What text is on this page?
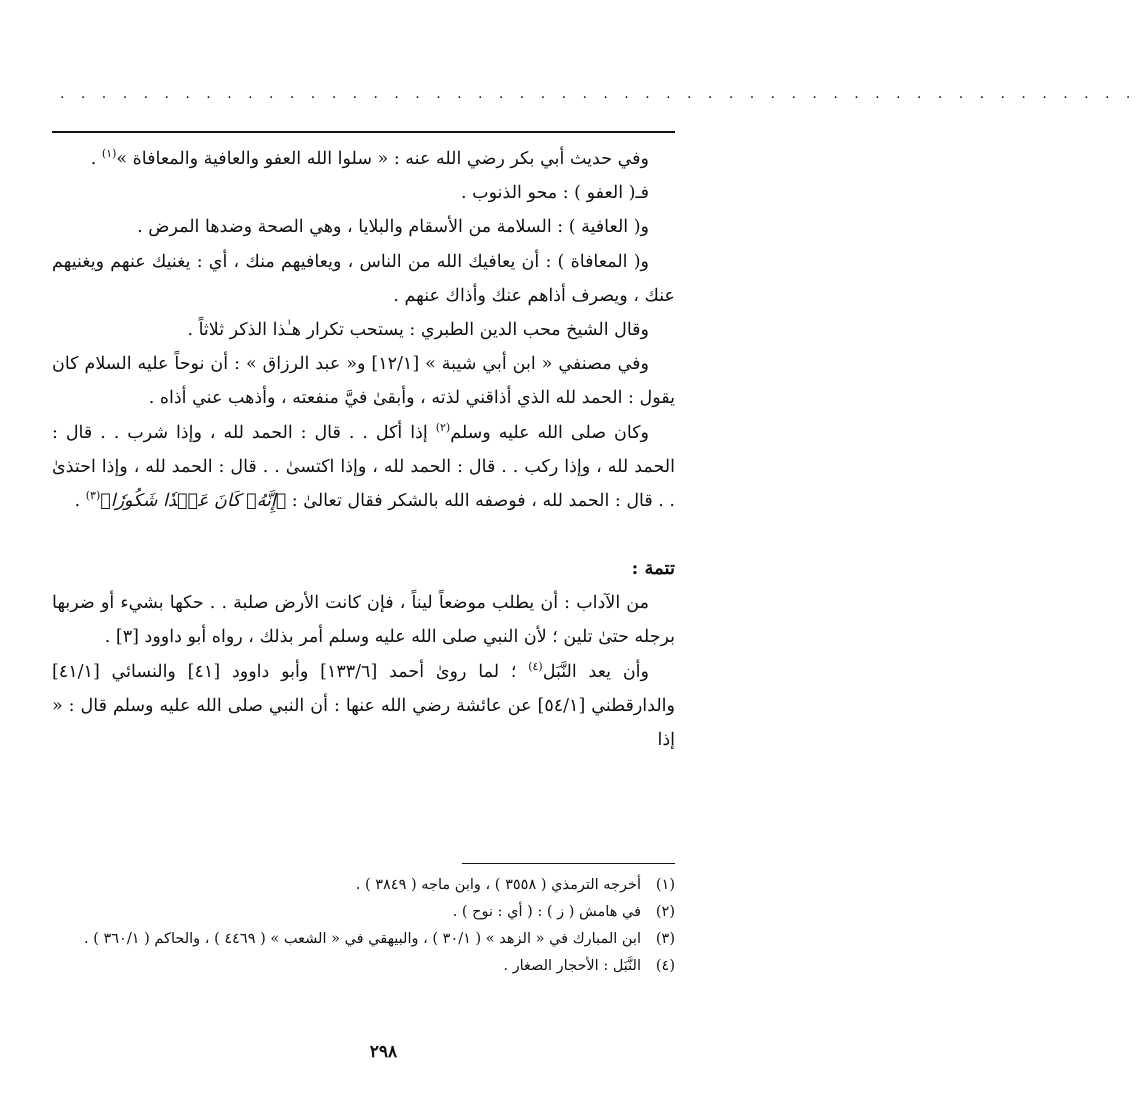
. . . . . . . . . . . . . . . . . . . . . . . . . . . . . . . . . . . . . . . . . . . . . . . . . . . .

وفي حديث أبي بكر رضي الله عنه : « سلوا الله العفو والعافية والمعافاة »$^{(١)}$ .

فـ( العفو ) : محو الذنوب .

و( العافية ) : السلامة من الأسقام والبلايا ، وهي الصحة وضدها المرض .

و( المعافاة ) : أن يعافيك الله من الناس ، ويعافيهم منك ، أي : يغنيك عنهم ويغنيهم عنك ، ويصرف أذاهم عنك وأذاك عنهم .

وقال الشيخ محب الدين الطبري : يستحب تكرار هـٰذا الذكر ثلاثاً .

وفي مصنفي « ابن أبي شيبة » [١٢/١] و« عبد الرزاق » : أن نوحاً عليه السلام كان يقول : الحمد لله الذي أذاقني لذته ، وأبقىٰ فيَّ منفعته ، وأذهب عني أذاه .

وكان صلى الله عليه وسلم$^{(٢)}$ إذا أكل . . قال : الحمد لله ، وإذا شرب . . قال : الحمد لله ، وإذا ركب . . قال : الحمد لله ، وإذا اكتسىٰ . . قال : الحمد لله ، وإذا احتذىٰ . . قال : الحمد لله ، فوصفه الله بالشكر فقال تعالىٰ : ﴿إِنَّهُۥ كَانَ عَبۡدٗا شَكُورٗا﴾$^{(٣)}$ .

تتمة :

من الآداب : أن يطلب موضعاً ليناً ، فإن كانت الأرض صلبة . . حكها بشيء أو ضربها برجله حتىٰ تلين ؛ لأن النبي صلى الله عليه وسلم أمر بذلك ، رواه أبو داوود [٣] .

وأن يعد النَّبَل$^{(٤)}$ ؛ لما روىٰ أحمد [١٣٣/٦] وأبو داوود [٤١] والنسائي [٤١/١] والدارقطني [٥٤/١] عن عائشة رضي الله عنها : أن النبي صلى الله عليه وسلم قال : « إذا

(١)
أخرجه الترمذي ( ٣٥٥٨ ) ، وابن ماجه ( ٣٨٤٩ ) .
(٢)
في هامش ( ز ) : ( أي : نوح ) .
(٣)
ابن المبارك في « الزهد » ( ٣٠/١ ) ، والبيهقي في « الشعب » ( ٤٤٦٩ ) ، والحاكم ( ٣٦٠/١ ) .
(٤)
النَّبَل : الأحجار الصغار .
٢٩٨
